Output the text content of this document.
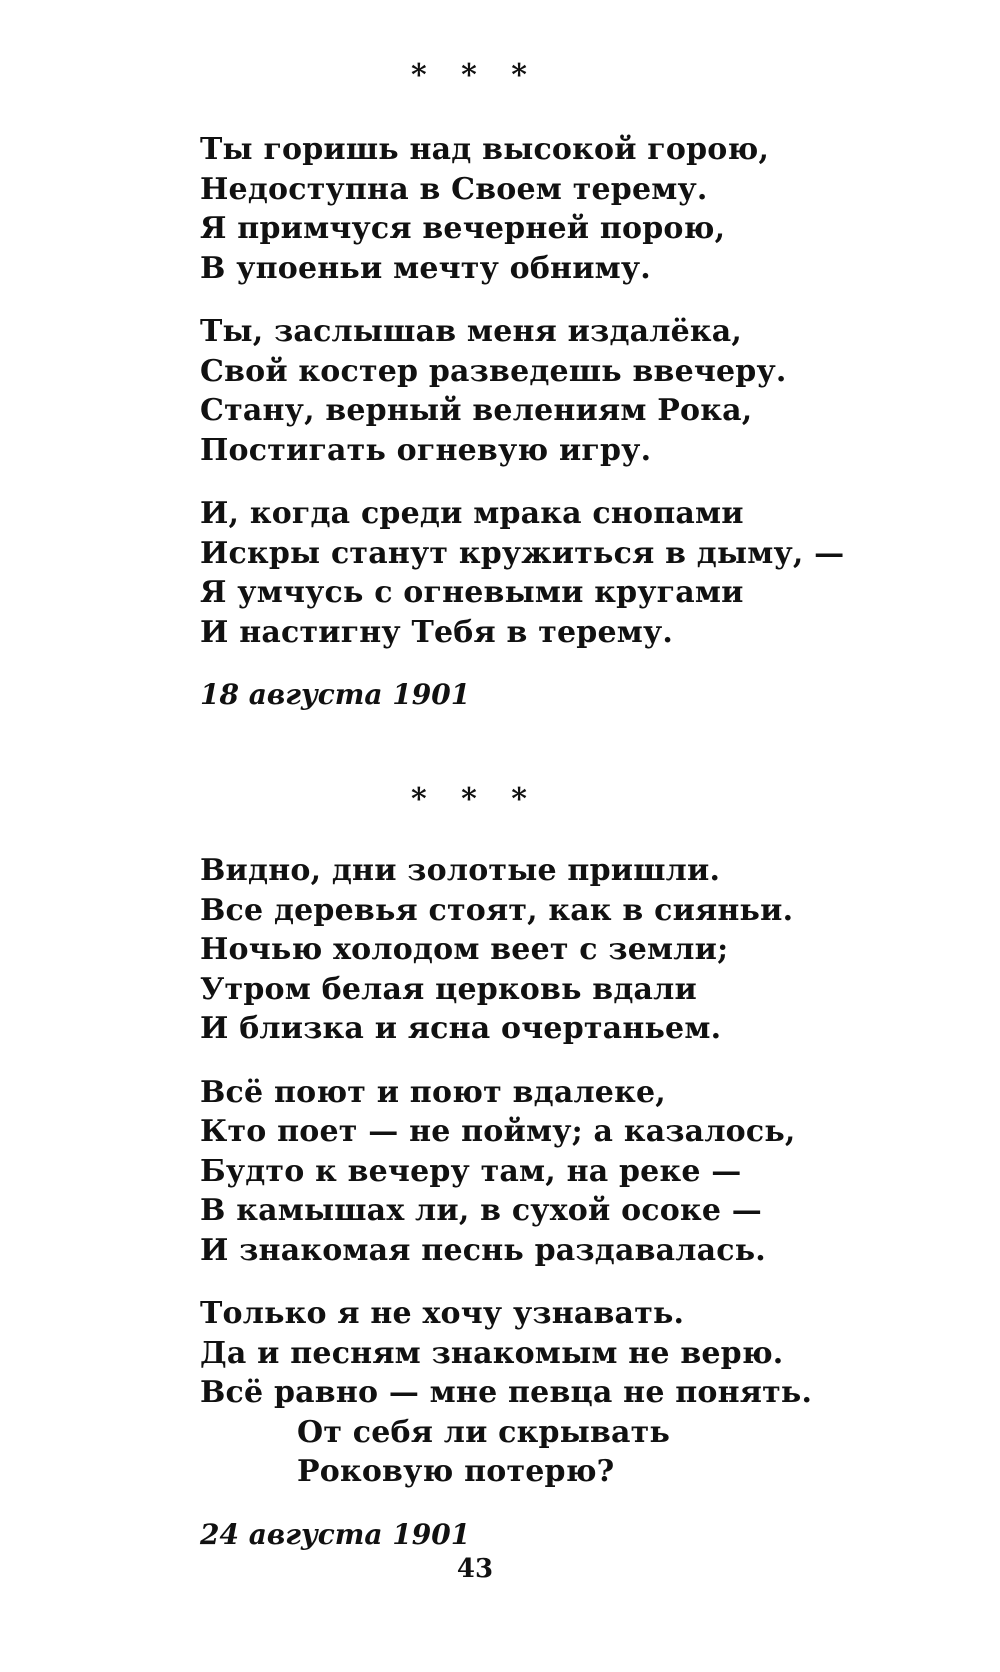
* * *
Ты горишь над высокой горою,
Недоступна в Своем терему.
Я примчуся вечерней порою,
В упоеньи мечту обниму.
Ты, заслышав меня издалёка,
Свой костер разведешь ввечеру.
Стану, верный велениям Рока,
Постигать огневую игру.
И, когда среди мрака снопами
Искры станут кружиться в дыму, —
Я умчусь с огневыми кругами
И настигну Тебя в терему.
18 августа 1901
* * *
Видно, дни золотые пришли.
Все деревья стоят, как в сияньи.
Ночью холодом веет с земли;
Утром белая церковь вдали
И близка и ясна очертаньем.
Всё поют и поют вдалеке,
Кто поет — не пойму; а казалось,
Будто к вечеру там, на реке —
В камышах ли, в сухой осоке —
И знакомая песнь раздавалась.
Только я не хочу узнавать.
Да и песням знакомым не верю.
Всё равно — мне певца не понять.
От себя ли скрывать
Роковую потерю?
24 августа 1901
43
